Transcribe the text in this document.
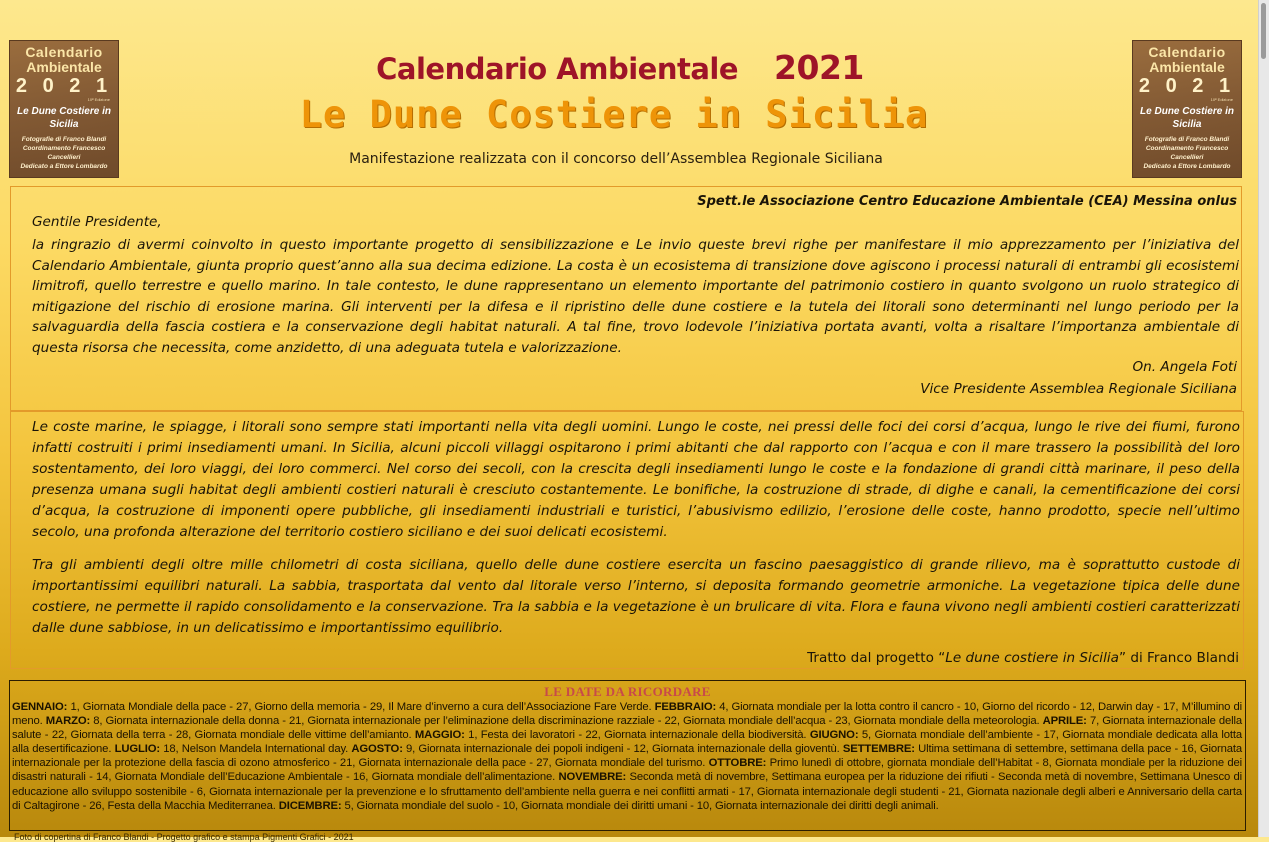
Calendario
Ambientale
2 0 2 1
10ª Edizione
Le Dune Costiere in Sicilia
Fotografie di Franco Blandi
Coordinamento Francesco Cancellieri
Dedicato a Ettore Lombardo
Calendario
Ambientale
2 0 2 1
10ª Edizione
Le Dune Costiere in Sicilia
Fotografie di Franco Blandi
Coordinamento Francesco Cancellieri
Dedicato a Ettore Lombardo
Calendario Ambientale 2021
Le Dune Costiere in Sicilia
Manifestazione realizzata con il concorso dell’Assemblea Regionale Siciliana
Spett.le Associazione Centro Educazione Ambientale (CEA) Messina onlus
Gentile Presidente,

la ringrazio di avermi coinvolto in questo importante progetto di sensibilizzazione e Le invio queste brevi righe per manifestare il mio apprezzamento per l’iniziativa del Calendario Ambientale, giunta proprio quest’anno alla sua decima edizione. La costa è un ecosistema di transizione dove agiscono i processi naturali di entrambi gli ecosistemi limitrofi, quello terrestre e quello marino. In tale contesto, le dune rappresentano un elemento importante del patrimonio costiero in quanto svolgono un ruolo strategico di mitigazione del rischio di erosione marina. Gli interventi per la difesa e il ripristino delle dune costiere e la tutela dei litorali sono determinanti nel lungo periodo per la salvaguardia della fascia costiera e la conservazione degli habitat naturali. A tal fine, trovo lodevole l’iniziativa portata avanti, volta a risaltare l’importanza ambientale di questa risorsa che necessita, come anzidetto, di una adeguata tutela e valorizzazione.

On. Angela Foti
Vice Presidente Assemblea Regionale Siciliana

Le coste marine, le spiagge, i litorali sono sempre stati importanti nella vita degli uomini. Lungo le coste, nei pressi delle foci dei corsi d’acqua, lungo le rive dei fiumi, furono infatti costruiti i primi insediamenti umani. In Sicilia, alcuni piccoli villaggi ospitarono i primi abitanti che dal rapporto con l’acqua e con il mare trassero la possibilità del loro sostentamento, dei loro viaggi, dei loro commerci. Nel corso dei secoli, con la crescita degli insediamenti lungo le coste e la fondazione di grandi città marinare, il peso della presenza umana sugli habitat degli ambienti costieri naturali è cresciuto costantemente. Le bonifiche, la costruzione di strade, di dighe e canali, la cementificazione dei corsi d’acqua, la costruzione di imponenti opere pubbliche, gli insediamenti industriali e turistici, l’abusivismo edilizio, l’erosione delle coste, hanno prodotto, specie nell’ultimo secolo, una profonda alterazione del territorio costiero siciliano e dei suoi delicati ecosistemi.

Tra gli ambienti degli oltre mille chilometri di costa siciliana, quello delle dune costiere esercita un fascino paesaggistico di grande rilievo, ma è soprattutto custode di importantissimi equilibri naturali. La sabbia, trasportata dal vento dal litorale verso l’interno, si deposita formando geometrie armoniche. La vegetazione tipica delle dune costiere, ne permette il rapido consolidamento e la conservazione. Tra la sabbia e la vegetazione è un brulicare di vita. Flora e fauna vivono negli ambienti costieri caratterizzati dalle dune sabbiose, in un delicatissimo e importantissimo equilibrio.

Tratto dal progetto “Le dune costiere in Sicilia” di Franco Blandi
LE DATE DA RICORDARE

GENNAIO: 1, Giornata Mondiale della pace - 27, Giorno della memoria - 29, Il Mare d’inverno a cura dell’Associazione Fare Verde. FEBBRAIO: 4, Giornata mondiale per la lotta contro il cancro - 10, Giorno del ricordo - 12, Darwin day - 17, M’illumino di meno. MARZO: 8, Giornata internazionale della donna - 21, Giornata internazionale per l’eliminazione della discriminazione razziale - 22, Giornata mondiale dell’acqua - 23, Giornata mondiale della meteorologia. APRILE: 7, Giornata internazionale della salute - 22, Giornata della terra - 28, Giornata mondiale delle vittime dell’amianto. MAGGIO: 1, Festa dei lavoratori - 22, Giornata internazionale della biodiversità. GIUGNO: 5, Giornata mondiale dell’ambiente - 17, Giornata mondiale dedicata alla lotta alla desertificazione. LUGLIO: 18, Nelson Mandela International day. AGOSTO: 9, Giornata internazionale dei popoli indigeni - 12, Giornata internazionale della gioventù. SETTEMBRE: Ultima settimana di settembre, settimana della pace - 16, Giornata internazionale per la protezione della fascia di ozono atmosferico - 21, Giornata internazionale della pace - 27, Giornata mondiale del turismo. OTTOBRE: Primo lunedì di ottobre, giornata mondiale dell’Habitat - 8, Giornata mondiale per la riduzione dei disastri naturali - 14, Giornata Mondiale dell’Educazione Ambientale - 16, Giornata mondiale dell’alimentazione. NOVEMBRE: Seconda metà di novembre, Settimana europea per la riduzione dei rifiuti - Seconda metà di novembre, Settimana Unesco di educazione allo sviluppo sostenibile - 6, Giornata internazionale per la prevenzione e lo sfruttamento dell’ambiente nella guerra e nei conflitti armati - 17, Giornata internazionale degli studenti - 21, Giornata nazionale degli alberi e Anniversario della carta di Caltagirone - 26, Festa della Macchia Mediterranea. DICEMBRE: 5, Giornata mondiale del suolo - 10, Giornata mondiale dei diritti umani - 10, Giornata internazionale dei diritti degli animali.

Foto di copertina di Franco Blandi - Progetto grafico e stampa Pigmenti Grafici - 2021
